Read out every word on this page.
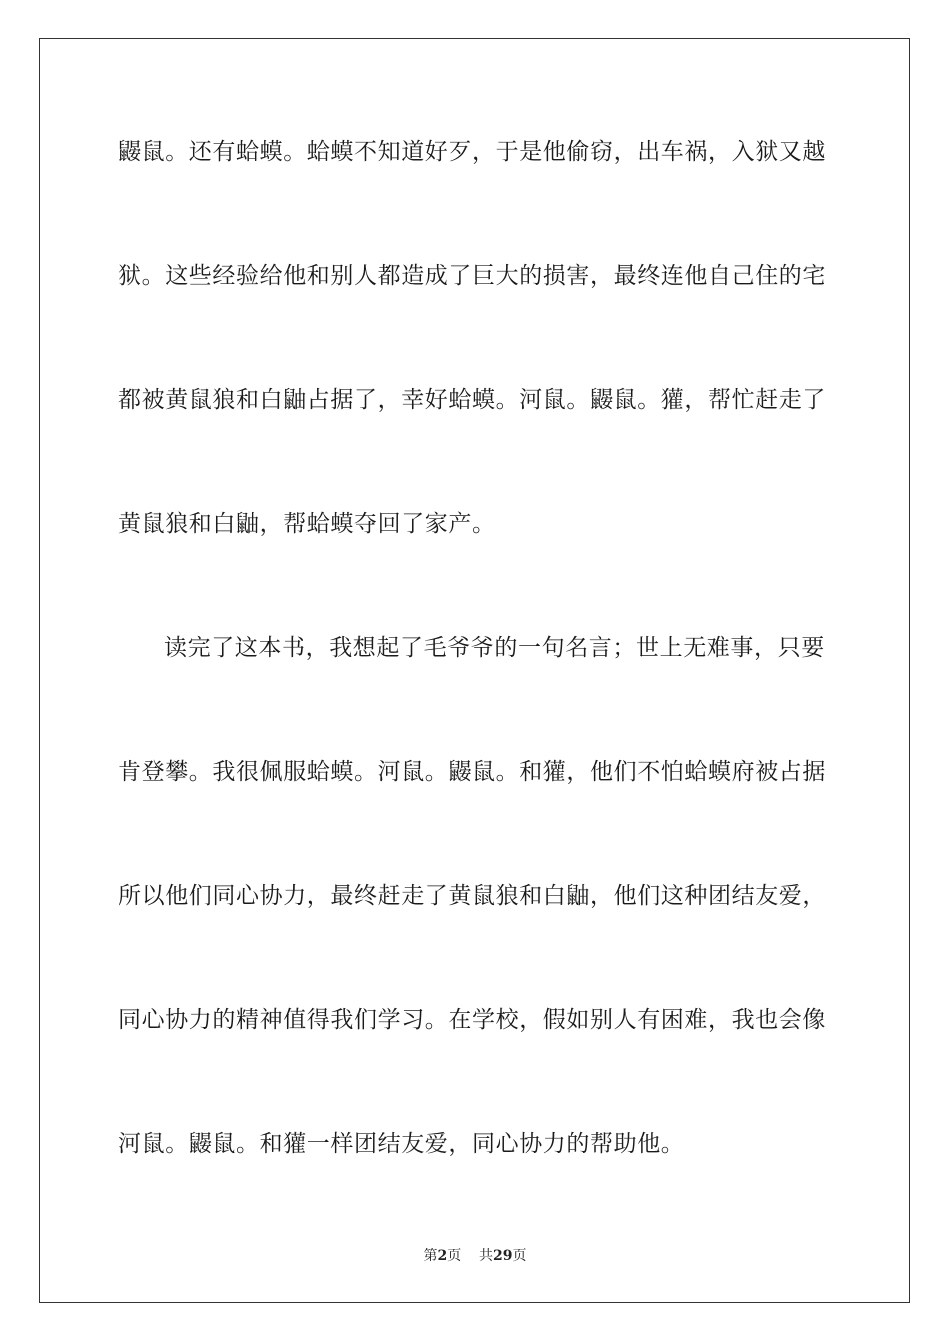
鼹鼠。还有蛤蟆。蛤蟆不知道好歹，于是他偷窃，出车祸，入狱又越
狱。这些经验给他和别人都造成了巨大的损害，最终连他自己住的宅
都被黄鼠狼和白鼬占据了，幸好蛤蟆。河鼠。鼹鼠。獾，帮忙赶走了
黄鼠狼和白鼬，帮蛤蟆夺回了家产。
读完了这本书，我想起了毛爷爷的一句名言；世上无难事，只要
肯登攀。我很佩服蛤蟆。河鼠。鼹鼠。和獾，他们不怕蛤蟆府被占据
所以他们同心协力，最终赶走了黄鼠狼和白鼬，他们这种团结友爱，
同心协力的精神值得我们学习。在学校，假如别人有困难，我也会像
河鼠。鼹鼠。和獾一样团结友爱，同心协力的帮助他。
第2页 共29页
